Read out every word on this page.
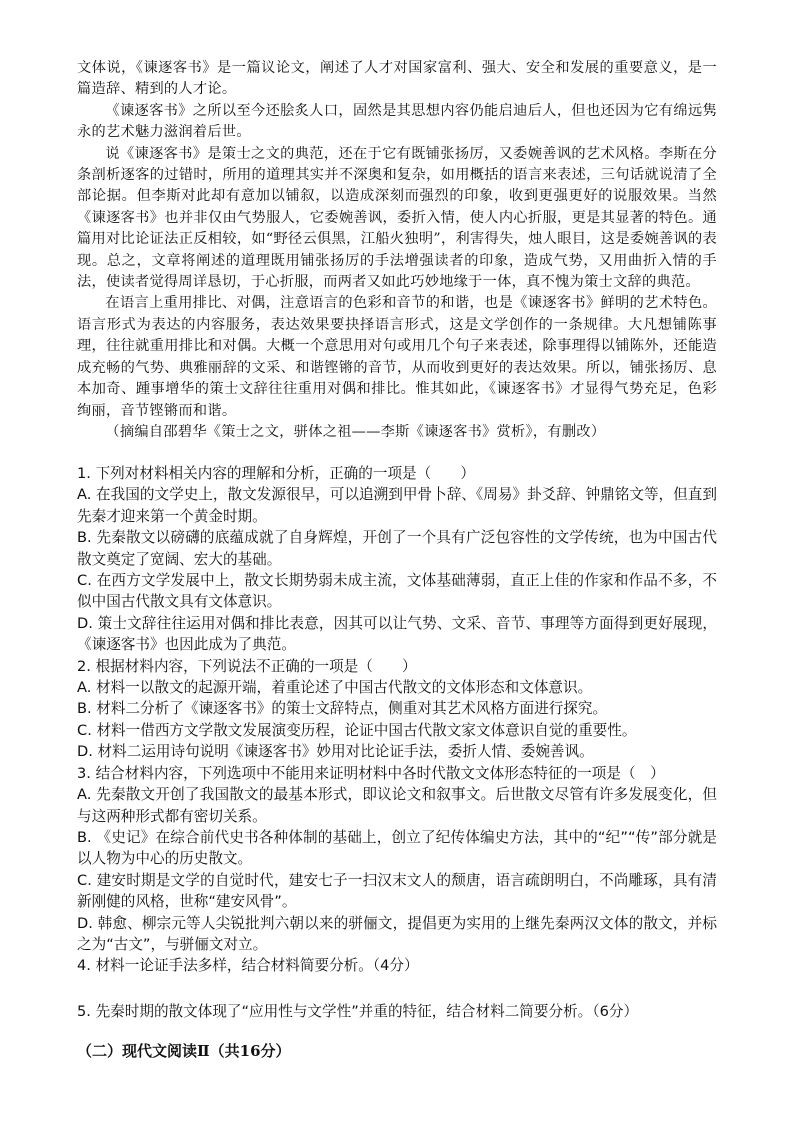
文体说，《谏逐客书》是一篇议论文，阐述了人才对国家富利、强大、安全和发展的重要意义，是一篇造辞、精到的人才论。

《谏逐客书》之所以至今还脍炙人口，固然是其思想内容仍能启迪后人，但也还因为它有绵远隽永的艺术魅力滋润着后世。

说《谏逐客书》是策士之文的典范，还在于它有既铺张扬厉，又委婉善讽的艺术风格。李斯在分条剖析逐客的过错时，所用的道理其实并不深奥和复杂，如用概括的语言来表述，三句话就说清了全部论据。但李斯对此却有意加以铺叙，以造成深刻而强烈的印象，收到更强更好的说服效果。当然《谏逐客书》也并非仅由气势服人，它委婉善讽，委折入情，使人内心折服，更是其显著的特色。通篇用对比论证法正反相较，如“野径云俱黑，江船火独明”，利害得失，烛人眼目，这是委婉善讽的表现。总之，文章将阐述的道理既用铺张扬厉的手法增强读者的印象，造成气势，又用曲折入情的手法，使读者觉得周详恳切，于心折服，而两者又如此巧妙地缘于一体，真不愧为策士文辞的典范。

在语言上重用排比、对偶，注意语言的色彩和音节的和谐，也是《谏逐客书》鲜明的艺术特色。语言形式为表达的内容服务，表达效果要抉择语言形式，这是文学创作的一条规律。大凡想铺陈事理，往往就重用排比和对偶。大概一个意思用对句或用几个句子来表述，除事理得以铺陈外，还能造成充畅的气势、典雅丽辞的文采、和谐铿锵的音节，从而收到更好的表达效果。所以，铺张扬厉、息本加奇、踵事增华的策士文辞往往重用对偶和排比。惟其如此，《谏逐客书》才显得气势充足，色彩绚丽，音节铿锵而和谐。

（摘编自邵碧华《策士之文，骈体之祖——李斯《谏逐客书》赏析》，有删改）

1. 下列对材料相关内容的理解和分析，正确的一项是（　　）

A. 在我国的文学史上，散文发源很早，可以追溯到甲骨卜辞、《周易》卦爻辞、钟鼎铭文等，但直到先秦才迎来第一个黄金时期。

B. 先秦散文以磅礴的底蕴成就了自身辉煌，开创了一个具有广泛包容性的文学传统，也为中国古代散文奠定了宽阔、宏大的基础。

C. 在西方文学发展中上，散文长期势弱未成主流，文体基础薄弱，直正上佳的作家和作品不多，不似中国古代散文具有文体意识。

D. 策士文辞往往运用对偶和排比表意，因其可以让气势、文采、音节、事理等方面得到更好展现，《谏逐客书》也因此成为了典范。

2. 根据材料内容，下列说法不正确的一项是（　　）

A. 材料一以散文的起源开端，着重论述了中国古代散文的文体形态和文体意识。

B. 材料二分析了《谏逐客书》的策士文辞特点，侧重对其艺术风格方面进行探究。

C. 材料一借西方文学散文发展演变历程，论证中国古代散文家文体意识自觉的重要性。

D. 材料二运用诗句说明《谏逐客书》妙用对比论证手法，委折人情、委婉善讽。

3. 结合材料内容，下列选项中不能用来证明材料中各时代散文文体形态特征的一项是（　）

A. 先秦散文开创了我国散文的最基本形式，即议论文和叙事文。后世散文尽管有许多发展变化，但与这两种形式都有密切关系。

B. 《史记》在综合前代史书各种体制的基础上，创立了纪传体编史方法，其中的“纪”“传”部分就是以人物为中心的历史散文。

C. 建安时期是文学的自觉时代，建安七子一扫汉末文人的颓唐，语言疏朗明白，不尚雕琢，具有清新刚健的风格，世称“建安风骨”。

D. 韩愈、柳宗元等人尖锐批判六朝以来的骈俪文，提倡更为实用的上继先秦两汉文体的散文，并标之为“古文”，与骈俪文对立。

4. 材料一论证手法多样，结合材料简要分析。（4分）

5. 先秦时期的散文体现了“应用性与文学性”并重的特征，结合材料二简要分析。（6分）

（二）现代文阅读Ⅱ（共16分）
